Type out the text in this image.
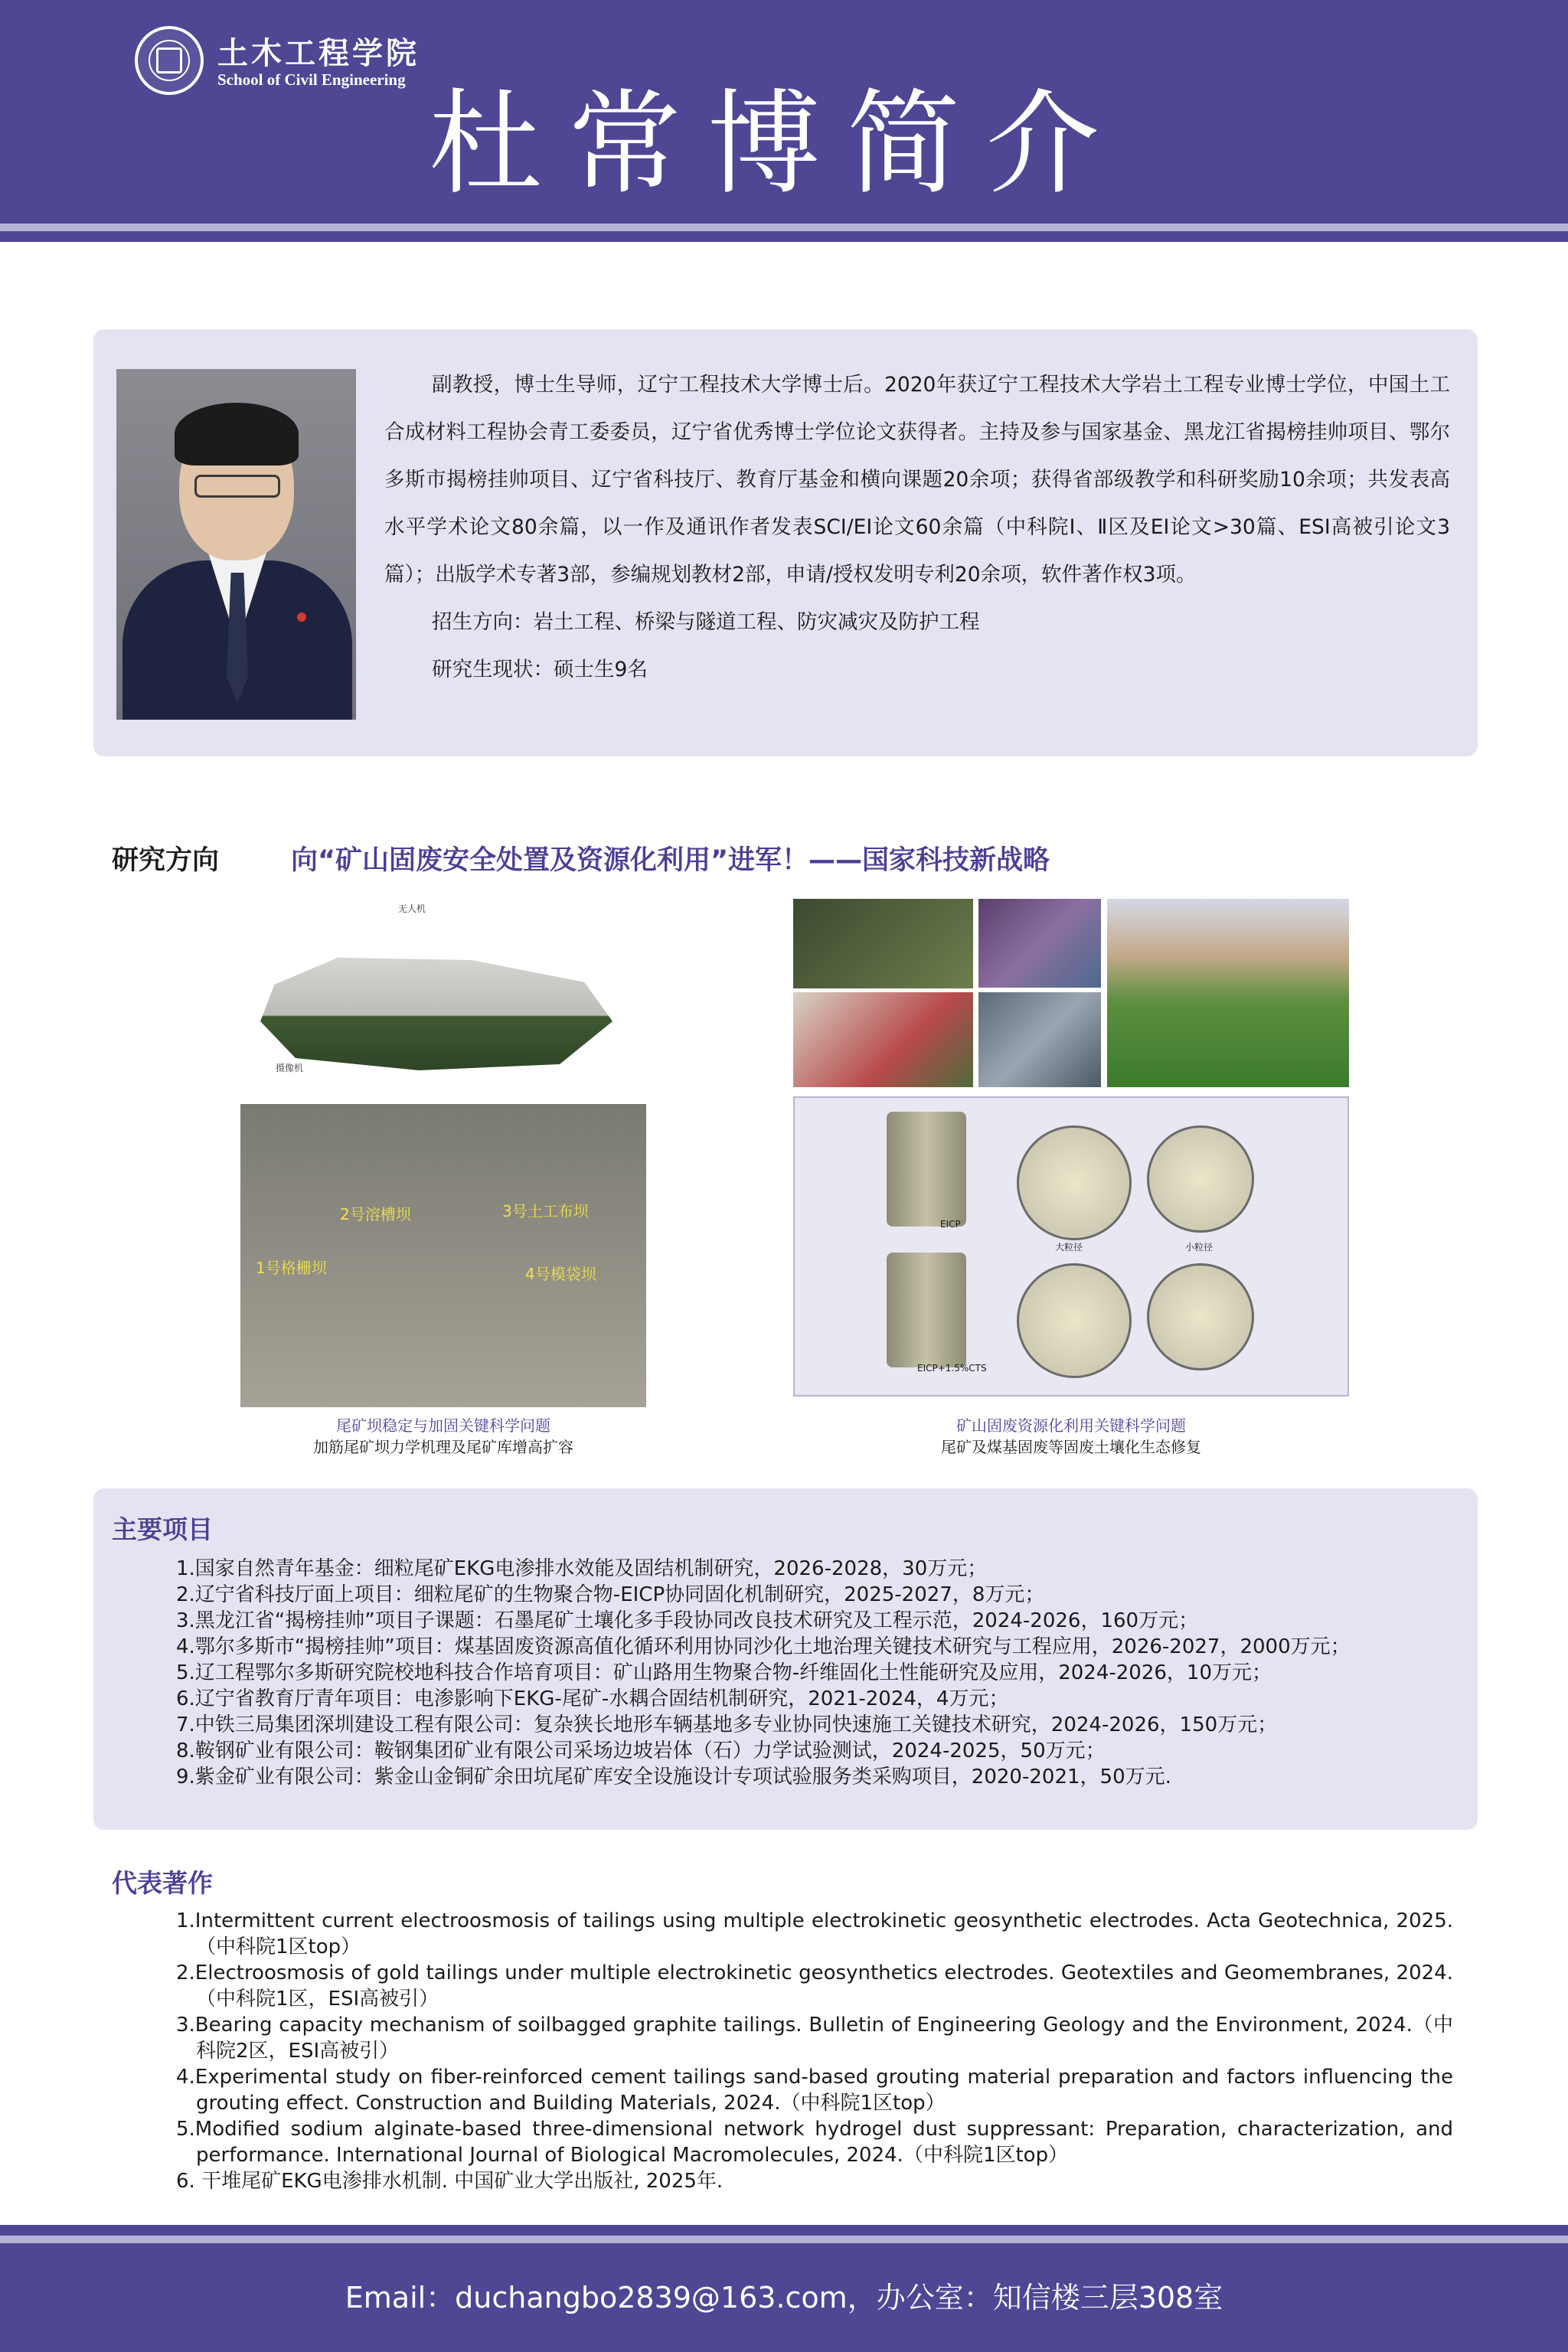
土木工程学院
School of Civil Engineering 杜常博简介

副教授，博士生导师，辽宁工程技术大学博士后。2020年获辽宁工程技术大学岩土工程专业博士学位，中国土工合成材料工程协会青工委委员，辽宁省优秀博士学位论文获得者。主持及参与国家基金、黑龙江省揭榜挂帅项目、鄂尔多斯市揭榜挂帅项目、辽宁省科技厅、教育厅基金和横向课题20余项；获得省部级教学和科研奖励10余项；共发表高水平学术论文80余篇，以一作及通讯作者发表SCI/EI论文60余篇（中科院Ⅰ、Ⅱ区及EI论文>30篇、ESI高被引论文3篇）；出版学术专著3部，参编规划教材2部，申请/授权发明专利20余项，软件著作权3项。

招生方向：岩土工程、桥梁与隧道工程、防灾减灾及防护工程

研究生现状：硕士生9名

研究方向	向“矿山固废安全处置及资源化利用”进军！——国家科技新战略
无人机
摄像机
2号溶槽坝	3号土工布坝
1号格栅坝	4号模袋坝
EICP
EICP+1.5%CTS
大粒径	小粒径
尾矿坝稳定与加固关键科学问题
加筋尾矿坝力学机理及尾矿库增高扩容
矿山固废资源化利用关键科学问题
尾矿及煤基固废等固废土壤化生态修复
主要项目
1.国家自然青年基金：细粒尾矿EKG电渗排水效能及固结机制研究，2026-2028，30万元；
2.辽宁省科技厅面上项目：细粒尾矿的生物聚合物-EICP协同固化机制研究，2025-2027，8万元；
3.黑龙江省“揭榜挂帅”项目子课题：石墨尾矿土壤化多手段协同改良技术研究及工程示范，2024-2026，160万元；
4.鄂尔多斯市“揭榜挂帅”项目：煤基固废资源高值化循环利用协同沙化土地治理关键技术研究与工程应用，2026-2027，2000万元；
5.辽工程鄂尔多斯研究院校地科技合作培育项目：矿山路用生物聚合物-纤维固化土性能研究及应用，2024-2026，10万元；
6.辽宁省教育厅青年项目：电渗影响下EKG-尾矿-水耦合固结机制研究，2021-2024，4万元；
7.中铁三局集团深圳建设工程有限公司：复杂狭长地形车辆基地多专业协同快速施工关键技术研究，2024-2026，150万元；
8.鞍钢矿业有限公司：鞍钢集团矿业有限公司采场边坡岩体（石）力学试验测试，2024-2025，50万元；
9.紫金矿业有限公司：紫金山金铜矿余田坑尾矿库安全设施设计专项试验服务类采购项目，2020-2021，50万元.
代表著作
1.Intermittent current electroosmosis of tailings using multiple electrokinetic geosynthetic electrodes. Acta Geotechnica, 2025.（中科院1区top）
2.Electroosmosis of gold tailings under multiple electrokinetic geosynthetics electrodes. Geotextiles and Geomembranes, 2024.（中科院1区，ESI高被引）
3.Bearing capacity mechanism of soilbagged graphite tailings. Bulletin of Engineering Geology and the Environment, 2024.（中科院2区，ESI高被引）
4.Experimental study on fiber-reinforced cement tailings sand-based grouting material preparation and factors influencing the grouting effect. Construction and Building Materials, 2024.（中科院1区top）
5.Modified sodium alginate-based three-dimensional network hydrogel dust suppressant: Preparation, characterization, and performance. International Journal of Biological Macromolecules, 2024.（中科院1区top）
6. 干堆尾矿EKG电渗排水机制. 中国矿业大学出版社, 2025年.
Email：duchangbo2839@163.com，办公室：知信楼三层308室
